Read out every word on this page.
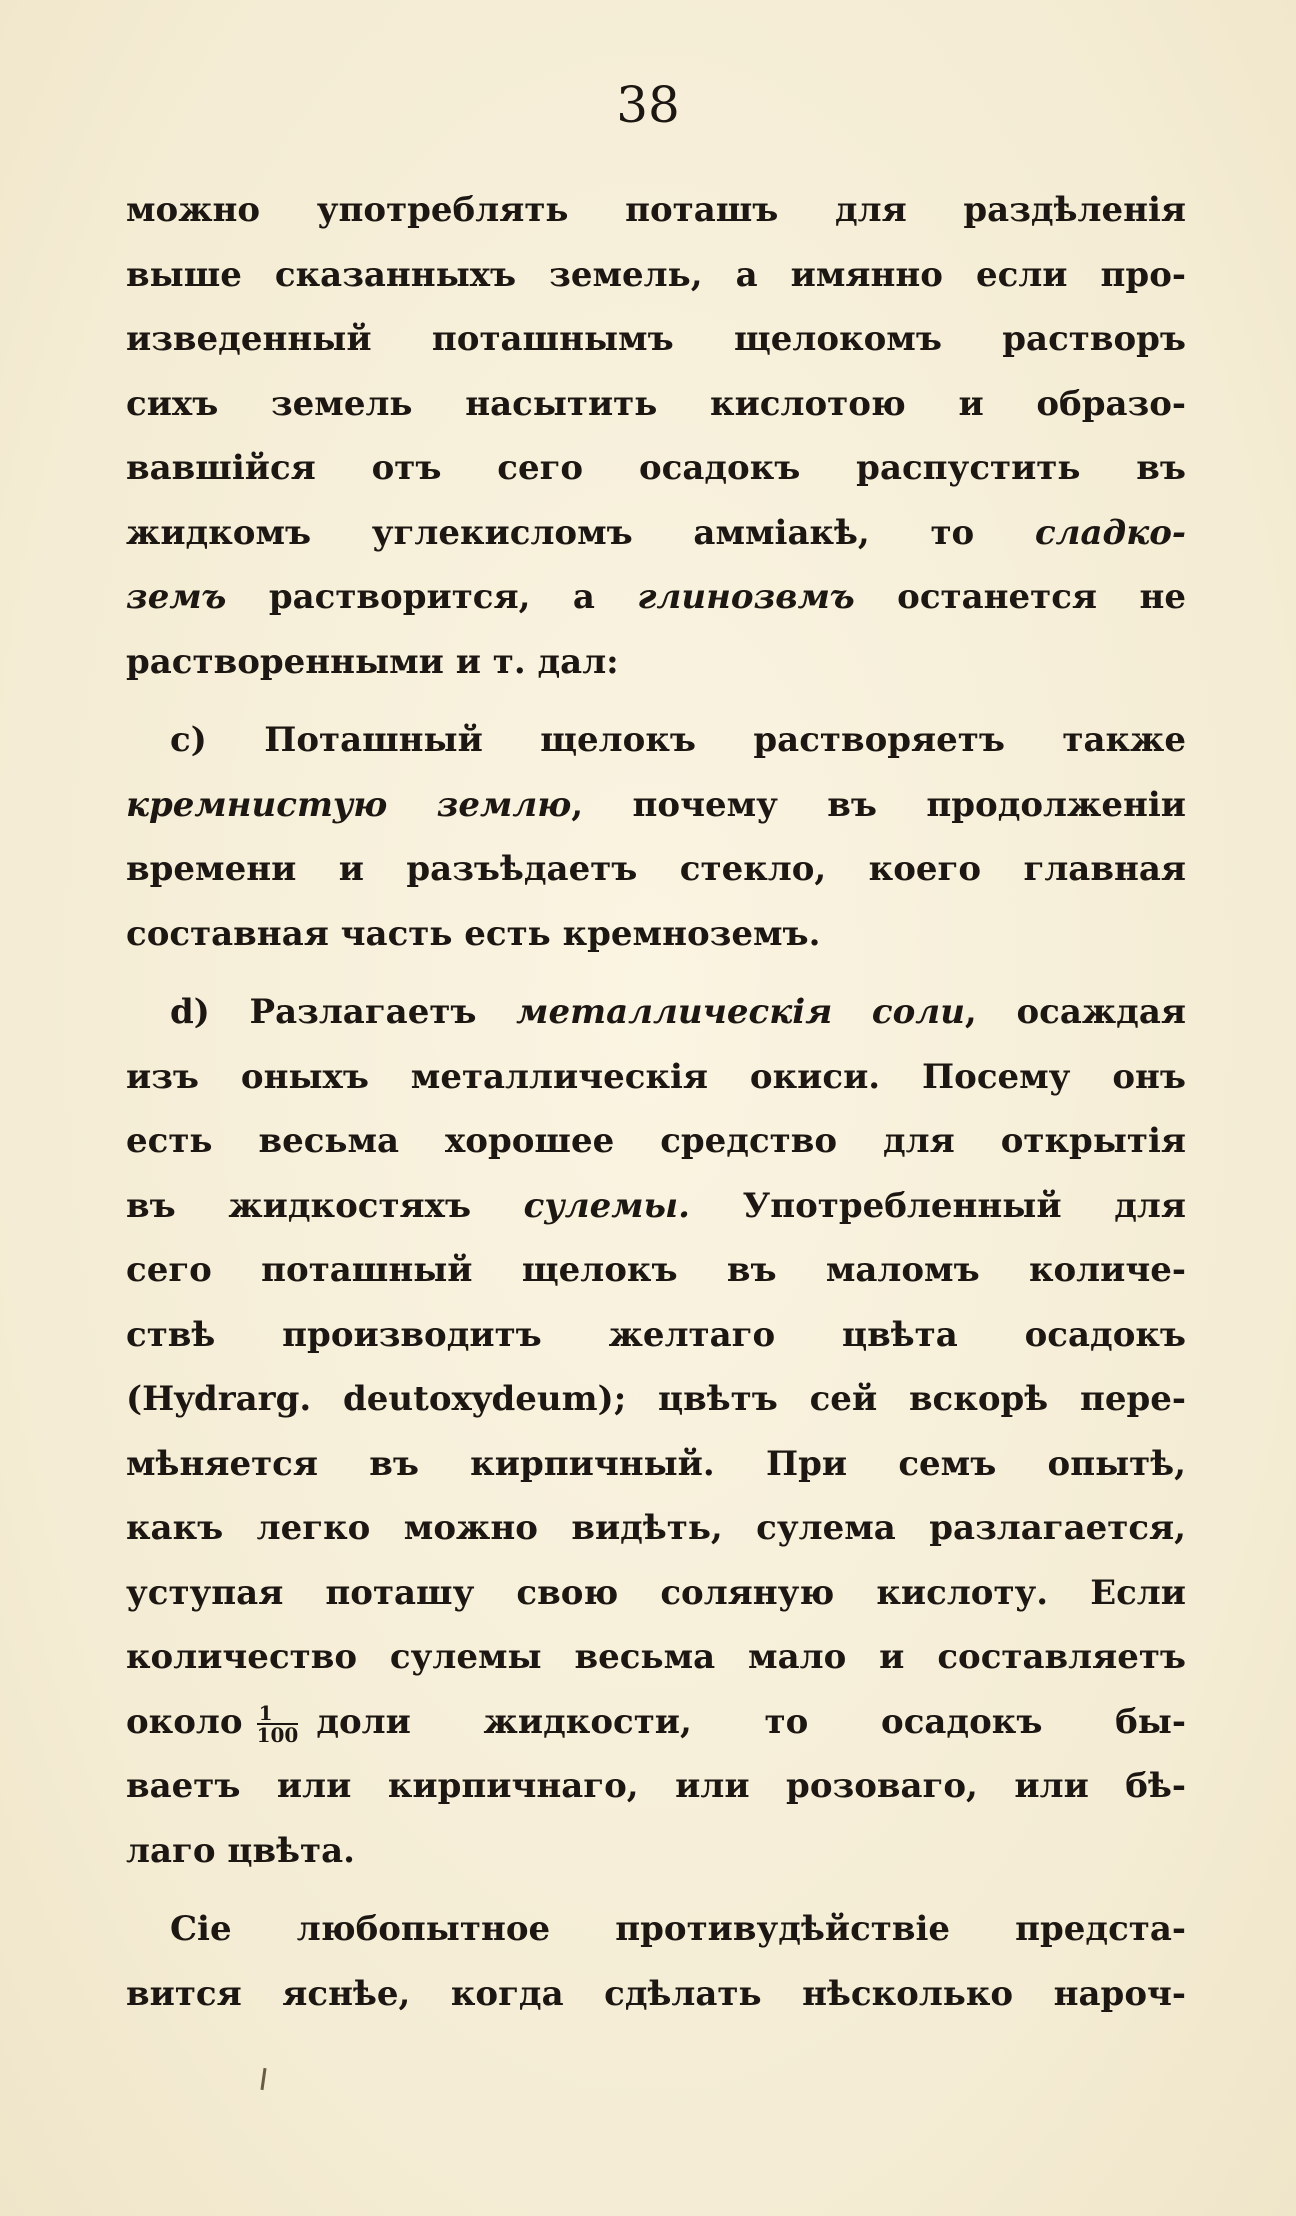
38
можно употреблять поташъ для раздѣленія
выше сказанныхъ земель, а имянно если про-
изведенный поташнымъ щелокомъ растворъ
сихъ земель насытить кислотою и образо-
вавшійся отъ сего осадокъ распустить въ
жидкомъ углекисломъ амміакѣ, то сладко-
земъ растворится, а глинозвмъ останется не
растворенными и т. дал:
c) Поташный щелокъ растворяетъ также
кремнистую землю, почему въ продолженіи
времени и разъѣдаетъ стекло, коего главная
составная часть есть кремноземъ.
d) Разлагаетъ металлическія соли, осаждая
изъ оныхъ металлическія окиси. Посему онъ
есть весьма хорошее средство для открытія
въ жидкостяхъ сулемы. Употребленный для
сего поташный щелокъ въ маломъ количе-
ствѣ производитъ желтаго цвѣта осадокъ
(Hydrarg. deutoxydeum); цвѣтъ сей вскорѣ пере-
мѣняется въ кирпичный. При семъ опытѣ,
какъ легко можно видѣть, сулема разлагается,
уступая поташу свою соляную кислоту. Если
количество сулемы весьма мало и составляетъ
около $\frac{1}{100}$ доли жидкости, то осадокъ бы-
ваетъ или кирпичнаго, или розоваго, или бѣ-
лаго цвѣта.
Сіе любопытное противудѣйствіе предста-
вится яснѣе, когда сдѣлать нѣсколько нароч-
